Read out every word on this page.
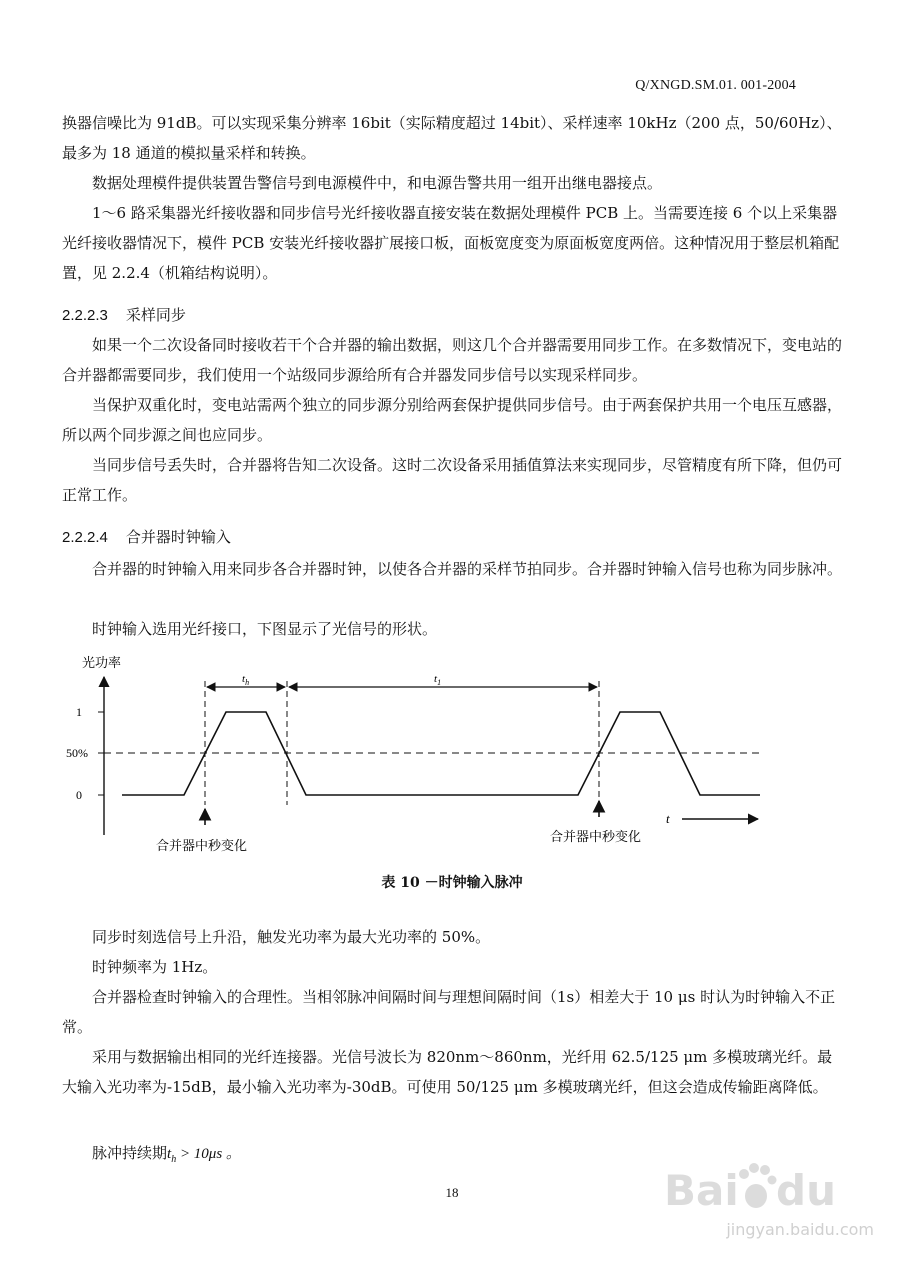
Q/XNGD.SM.01. 001-2004

换器信噪比为 91dB。可以实现采集分辨率 16bit（实际精度超过 14bit）、采样速率 10kHz（200 点，50/60Hz）、最多为 18 通道的模拟量采样和转换。

数据处理模件提供装置告警信号到电源模件中，和电源告警共用一组开出继电器接点。

1～6 路采集器光纤接收器和同步信号光纤接收器直接安装在数据处理模件 PCB 上。当需要连接 6 个以上采集器光纤接收器情况下，模件 PCB 安装光纤接收器扩展接口板，面板宽度变为原面板宽度两倍。这种情况用于整层机箱配置，见 2.2.4（机箱结构说明）。

2.2.2.3 采样同步

如果一个二次设备同时接收若干个合并器的输出数据，则这几个合并器需要用同步工作。在多数情况下，变电站的合并器都需要同步，我们使用一个站级同步源给所有合并器发同步信号以实现采样同步。

当保护双重化时，变电站需两个独立的同步源分别给两套保护提供同步信号。由于两套保护共用一个电压互感器，所以两个同步源之间也应同步。

当同步信号丢失时，合并器将告知二次设备。这时二次设备采用插值算法来实现同步，尽管精度有所下降，但仍可正常工作。

2.2.2.4 合并器时钟输入

合并器的时钟输入用来同步各合并器时钟，以使各合并器的采样节拍同步。合并器时钟输入信号也称为同步脉冲。

时钟输入选用光纤接口，下图显示了光信号的形状。

光功率
1
50%
0
$t_h$	$t_1$
t
合并器中秒变化
合并器中秒变化
表 10 －时钟输入脉冲

同步时刻选信号上升沿，触发光功率为最大光功率的 50%。

时钟频率为 1Hz。

合并器检查时钟输入的合理性。当相邻脉冲间隔时间与理想间隔时间（1s）相差大于 10 μs 时认为时钟输入不正常。

采用与数据输出相同的光纤连接器。光信号波长为 820nm～860nm，光纤用 62.5/125 μm 多模玻璃光纤。最大输入光功率为-15dB，最小输入光功率为-30dB。可使用 50/125 μm 多模玻璃光纤，但这会造成传输距离降低。

脉冲持续期$t_h > 10\mu s$ 。

18	Bai du
jingyan.baidu.com
